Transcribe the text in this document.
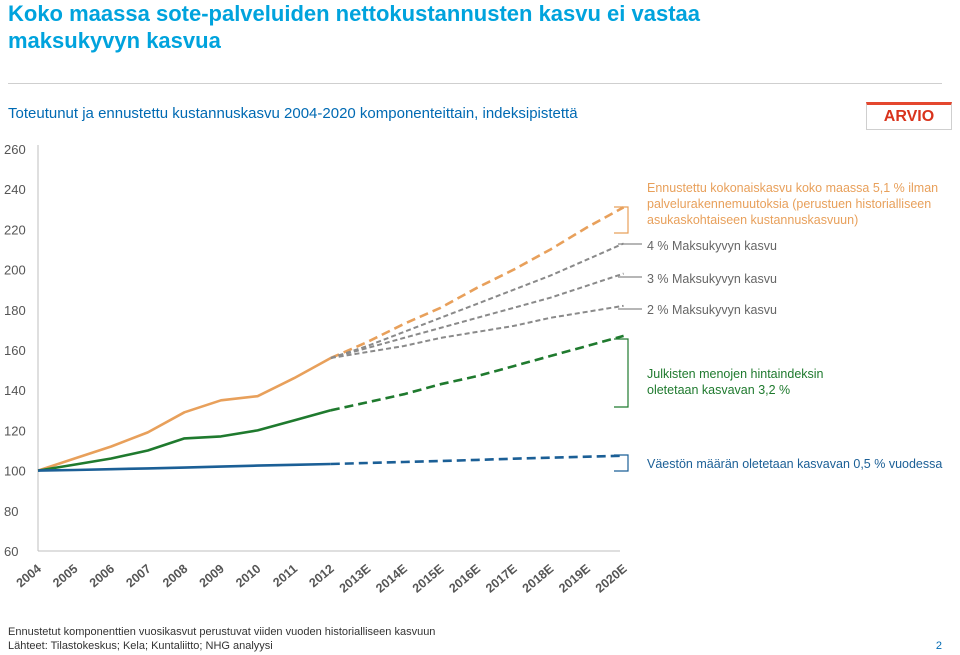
Koko maassa sote-palveluiden nettokustannusten kasvu ei vastaa maksukyvyn kasvua
Toteutunut ja ennustettu kustannuskasvu 2004-2020 komponenteittain, indeksipistettä	ARVIO
60
80
100
120
140
160
180
200
220
240
260
2004 2005 2006 2007 2008 2009 2010 2011 2012 2013E 2014E 2015E 2016E 2017E 2018E 2019E 2020E
Ennustettu kokonaiskasvu koko maassa 5,1 % ilman palvelurakennemuutoksia (perustuen historialliseen asukaskohtaiseen kustannuskasvuun)
4 % Maksukyvyn kasvu
3 % Maksukyvyn kasvu
2 % Maksukyvyn kasvu
Julkisten menojen hintaindeksin oletetaan kasvavan 3,2 %
Väestön määrän oletetaan kasvavan 0,5 % vuodessa
Ennustetut komponenttien vuosikasvut perustuvat viiden vuoden historialliseen kasvuun
Lähteet: Tilastokeskus; Kela; Kuntaliitto; NHG analyysi	2
